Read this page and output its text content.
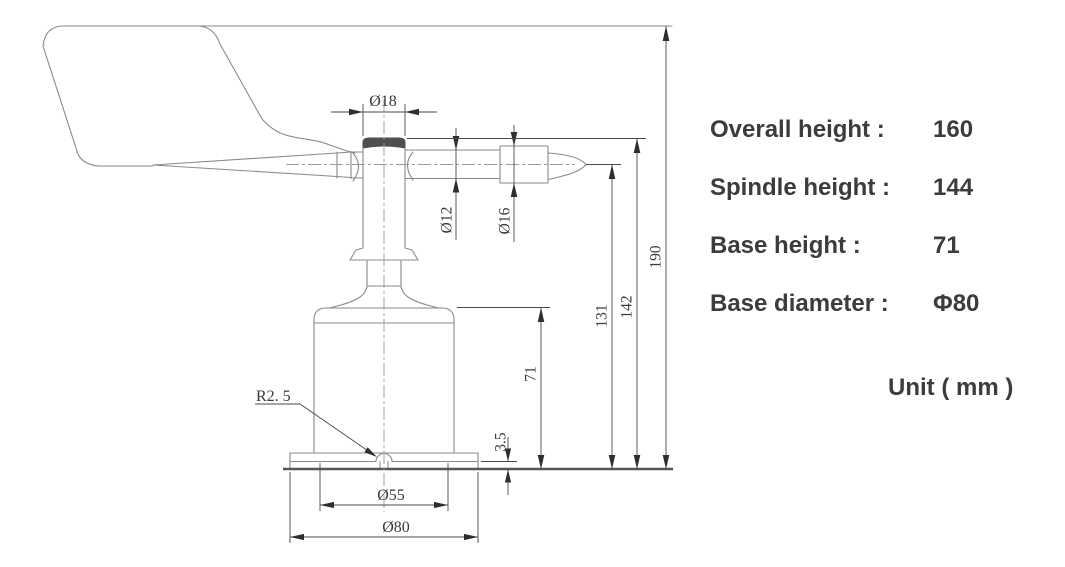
Ø18
Ø12	Ø16
131 142
190
71
3.5
R2. 5
Ø55
Ø80
Overall height : 160
Spindle height : 144
Base height :	71
Base diameter : Φ80
Unit ( mm )
